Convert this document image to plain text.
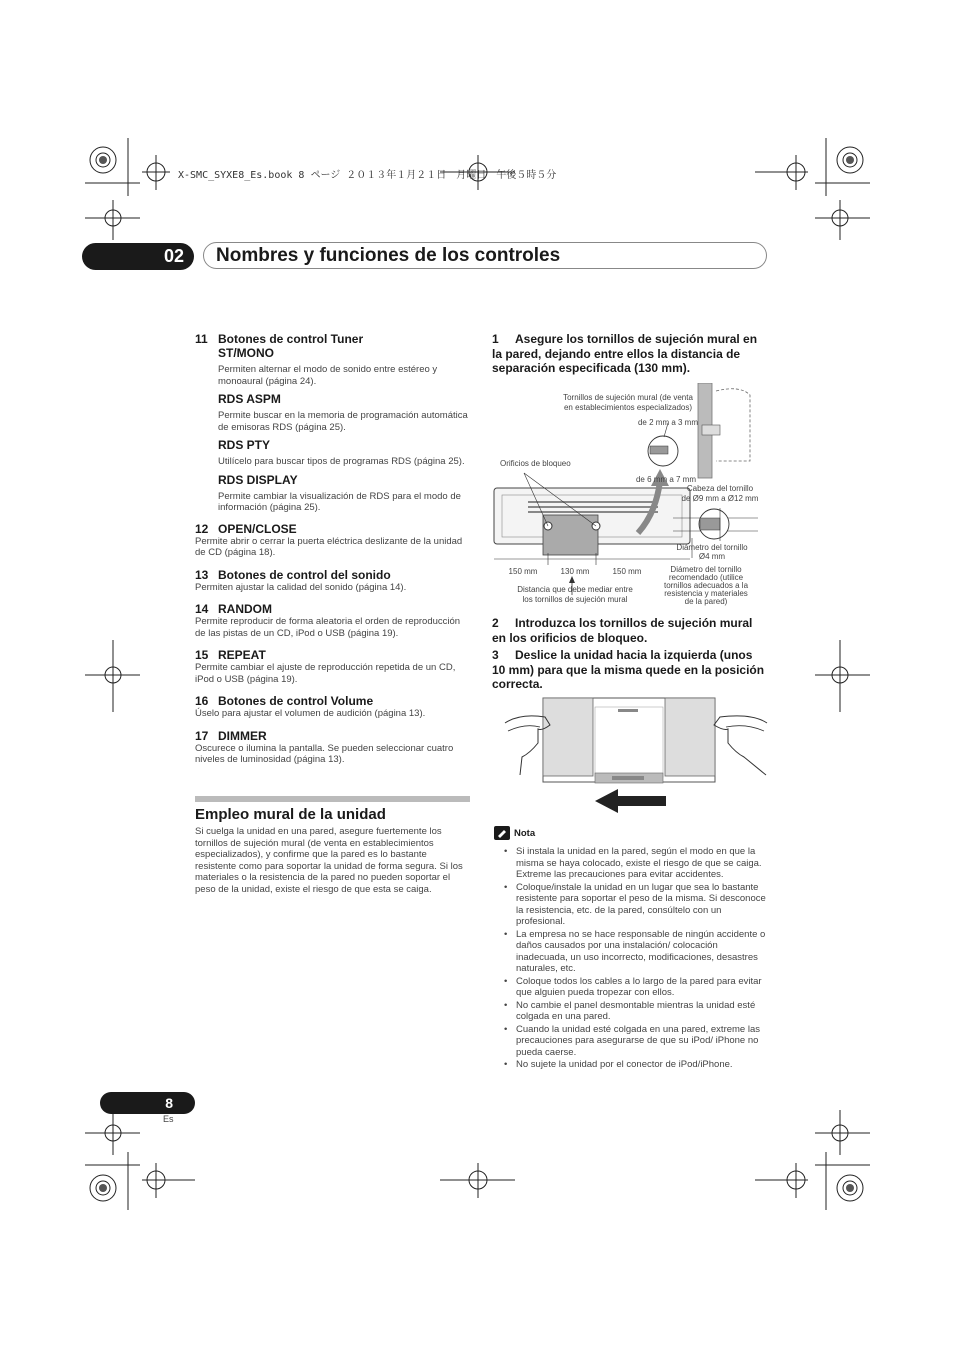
X-SMC_SYXE8_Es.book 8 ページ ２０１３年１月２１日　月曜日　午後５時５分
02	Nombres y funciones de los controles
11 Botones de control Tuner
ST/MONO
Permiten alternar el modo de sonido entre estéreo y monoaural (página 24).
RDS ASPM
Permite buscar en la memoria de programación automática de emisoras RDS (página 25).
RDS PTY
Utilícelo para buscar tipos de programas RDS (página 25).
RDS DISPLAY
Permite cambiar la visualización de RDS para el modo de información (página 25).
12 OPEN/CLOSE
Permite abrir o cerrar la puerta eléctrica deslizante de la unidad de CD (página 18).
13 Botones de control del sonido
Permiten ajustar la calidad del sonido (página 14).
14 RANDOM
Permite reproducir de forma aleatoria el orden de reproducción de las pistas de un CD, iPod o USB (página 19).
15 REPEAT
Permite cambiar el ajuste de reproducción repetida de un CD, iPod o USB (página 19).
16 Botones de control Volume
Úselo para ajustar el volumen de audición (página 13).
17 DIMMER
Oscurece o ilumina la pantalla. Se pueden seleccionar cuatro niveles de luminosidad (página 13).
Empleo mural de la unidad
Si cuelga la unidad en una pared, asegure fuertemente los tornillos de sujeción mural (de venta en establecimientos especializados), y confirme que la pared es lo bastante resistente como para soportar la unidad de forma segura. Si los materiales o la resistencia de la pared no pueden soportar el peso de la unidad, existe el riesgo de que esta se caiga.
1 Asegure los tornillos de sujeción mural en la pared, dejando entre ellos la distancia de separación especificada (130 mm).
Tornillos de sujeción mural (de venta
en establecimientos especializados)
de 2 mm a 3 mm
Orificios de bloqueo
de 6 mm a 7 mm
Cabeza del tornillo
de Ø9 mm a Ø12 mm
Diámetro del tornillo
Ø4 mm
Diámetro del tornillo
recomendado (utilice
tornillos adecuados a la
resistencia y materiales
de la pared)
150 mm	130 mm	150 mm
Distancia que debe mediar entre
los tornillos de sujeción mural
2 Introduzca los tornillos de sujeción mural en los orificios de bloqueo.
3 Deslice la unidad hacia la izquierda (unos 10 mm) para que la misma quede en la posición correcta.
Nota
• Si instala la unidad en la pared, según el modo en que la misma se haya colocado, existe el riesgo de que se caiga. Extreme las precauciones para evitar accidentes.
• Coloque/instale la unidad en un lugar que sea lo bastante resistente para soportar el peso de la misma. Si desconoce la resistencia, etc. de la pared, consúltelo con un profesional.
• La empresa no se hace responsable de ningún accidente o daños causados por una instalación/ colocación inadecuada, un uso incorrecto, modificaciones, desastres naturales, etc.
• Coloque todos los cables a lo largo de la pared para evitar que alguien pueda tropezar con ellos.
• No cambie el panel desmontable mientras la unidad esté colgada en una pared.
• Cuando la unidad esté colgada en una pared, extreme las precauciones para asegurarse de que su iPod/ iPhone no pueda caerse.
• No sujete la unidad por el conector de iPod/iPhone.
8
Es
